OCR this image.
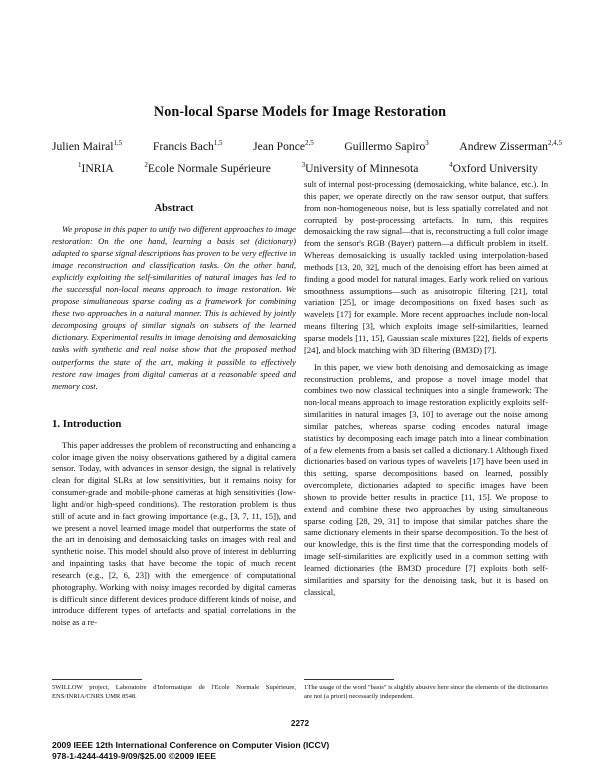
Non-local Sparse Models for Image Restoration
Julien Mairal$^{1,5}$	Francis Bach$^{1,5}$	Jean Ponce$^{2,5}$	Guillermo Sapiro$^3$	Andrew Zisserman$^{2,4,5}$
$^1$INRIA	$^2$Ecole Normale Supérieure	$^3$University of Minnesota	$^4$Oxford University
Abstract

We propose in this paper to unify two different approaches to image restoration: On the one hand, learning a basis set (dictionary) adapted to sparse signal descriptions has proven to be very effective in image reconstruction and classification tasks. On the other hand, explicitly exploiting the self-similarities of natural images has led to the successful non-local means approach to image restoration. We propose simultaneous sparse coding as a framework for combining these two approaches in a natural manner. This is achieved by jointly decomposing groups of similar signals on subsets of the learned dictionary. Experimental results in image denoising and demosaicking tasks with synthetic and real noise show that the proposed method outperforms the state of the art, making it possible to effectively restore raw images from digital cameras at a reasonable speed and memory cost.

1. Introduction

This paper addresses the problem of reconstructing and enhancing a color image given the noisy observations gathered by a digital camera sensor. Today, with advances in sensor design, the signal is relatively clean for digital SLRs at low sensitivities, but it remains noisy for consumer-grade and mobile-phone cameras at high sensitivities (low-light and/or high-speed conditions). The restoration problem is thus still of acute and in fact growing importance (e.g., [3, 7, 11, 15]), and we present a novel learned image model that outperforms the state of the art in denoising and demosaicking tasks on images with real and synthetic noise. This model should also prove of interest in deblurring and inpainting tasks that have become the topic of much recent research (e.g., [2, 6, 23]) with the emergence of computational photography. Working with noisy images recorded by digital cameras is difficult since different devices produce different kinds of noise, and introduce different types of artefacts and spatial correlations in the noise as a re-

sult of internal post-processing (demosaicking, white balance, etc.). In this paper, we operate directly on the raw sensor output, that suffers from non-homogeneous noise, but is less spatially correlated and not corrupted by post-processing artefacts. In turn, this requires demosaicking the raw signal—that is, reconstructing a full color image from the sensor's RGB (Bayer) pattern—a difficult problem in itself. Whereas demosaicking is usually tackled using interpolation-based methods [13, 20, 32], much of the denoising effort has been aimed at finding a good model for natural images. Early work relied on various smoothness assumptions—such as anisotropic filtering [21], total variation [25], or image decompositions on fixed bases such as wavelets [17] for example. More recent approaches include non-local means filtering [3], which exploits image self-similarities, learned sparse models [11, 15], Gaussian scale mixtures [22], fields of experts [24], and block matching with 3D filtering (BM3D) [7].

In this paper, we view both denoising and demosaicking as image reconstruction problems, and propose a novel image model that combines two now classical techniques into a single framework: The non-local means approach to image restoration explicitly exploits self-similarities in natural images [3, 10] to average out the noise among similar patches, whereas sparse coding encodes natural image statistics by decomposing each image patch into a linear combination of a few elements from a basis set called a dictionary.1 Although fixed dictionaries based on various types of wavelets [17] have been used in this setting, sparse decompositions based on learned, possibly overcomplete, dictionaries adapted to specific images have been shown to provide better results in practice [11, 15]. We propose to extend and combine these two approaches by using simultaneous sparse coding [28, 29, 31] to impose that similar patches share the same dictionary elements in their sparse decomposition. To the best of our knowledge, this is the first time that the corresponding models of image self-similarities are explicitly used in a common setting with learned dictionaries (the BM3D procedure [7] exploits both self-similarities and sparsity for the denoising task, but it is based on classical,

5WILLOW project, Laboratoire d'Informatique de l'Ecole Normale Supérieure, ENS/INRIA/CNRS UMR 8548.
1The usage of the word "basis" is slightly abusive here since the elements of the dictionaries are not (a priori) necessarily independent.
2272
2009 IEEE 12th International Conference on Computer Vision (ICCV)
978-1-4244-4419-9/09/$25.00 ©2009 IEEE
